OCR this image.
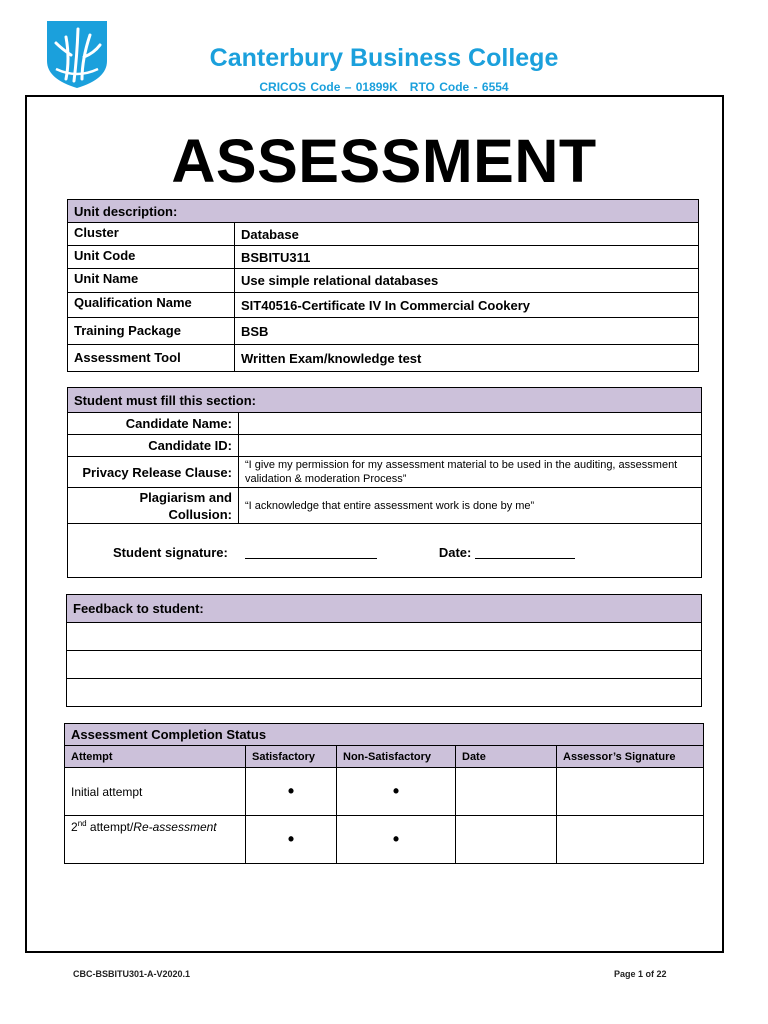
Canterbury Business College
CRICOS Code – 01899K RTO Code - 6554
ASSESSMENT
Unit description:	
Cluster	Database
Unit Code	BSBITU311
Unit Name	Use simple relational databases
Qualification Name	SIT40516-Certificate IV In Commercial Cookery
Training Package	BSB
Assessment Tool	Written Exam/knowledge test
Student must fill this section:	
Candidate Name:	
Candidate ID:	
Privacy Release Clause:	“I give my permission for my assessment material to be used in the auditing, assessment validation & moderation Process”
Plagiarism and
Collusion:	“I acknowledge that entire assessment work is done by me”

Student signature: Date:	
Feedback to student:

Assessment Completion Status				
Attempt	Satisfactory	Non-Satisfactory	Date	Assessor’s Signature
Initial attempt	•	•		
2nd attempt/Re-assessment	•	•		
CBC-BSBITU301-A-V2020.1	Page 1 of 22
